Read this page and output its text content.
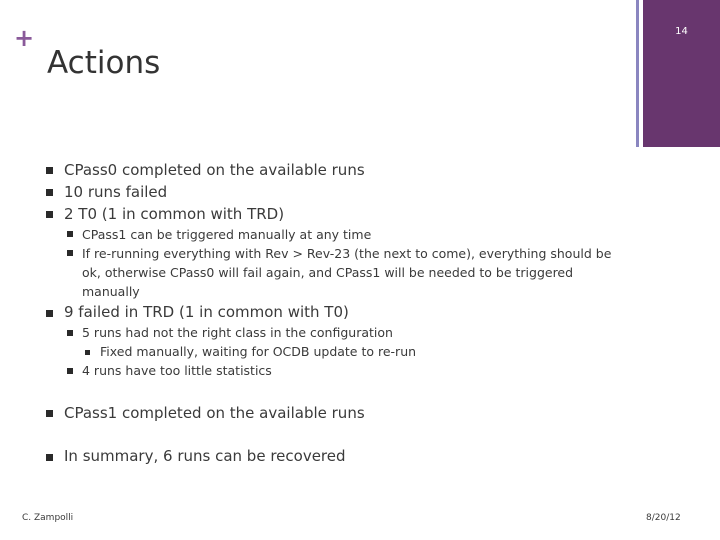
+
Actions
14
CPass0 completed on the available runs
10 runs failed
2 T0 (1 in common with TRD)
CPass1 can be triggered manually at any time
If re-running everything with Rev > Rev-23 (the next to come), everything should be ok, otherwise CPass0 will fail again, and CPass1 will be needed to be triggered manually
9 failed in TRD (1 in common with T0)
5 runs had not the right class in the configuration
Fixed manually, waiting for OCDB update to re-run
4 runs have too little statistics
CPass1 completed on the available runs
In summary, 6 runs can be recovered
C. Zampolli	8/20/12
